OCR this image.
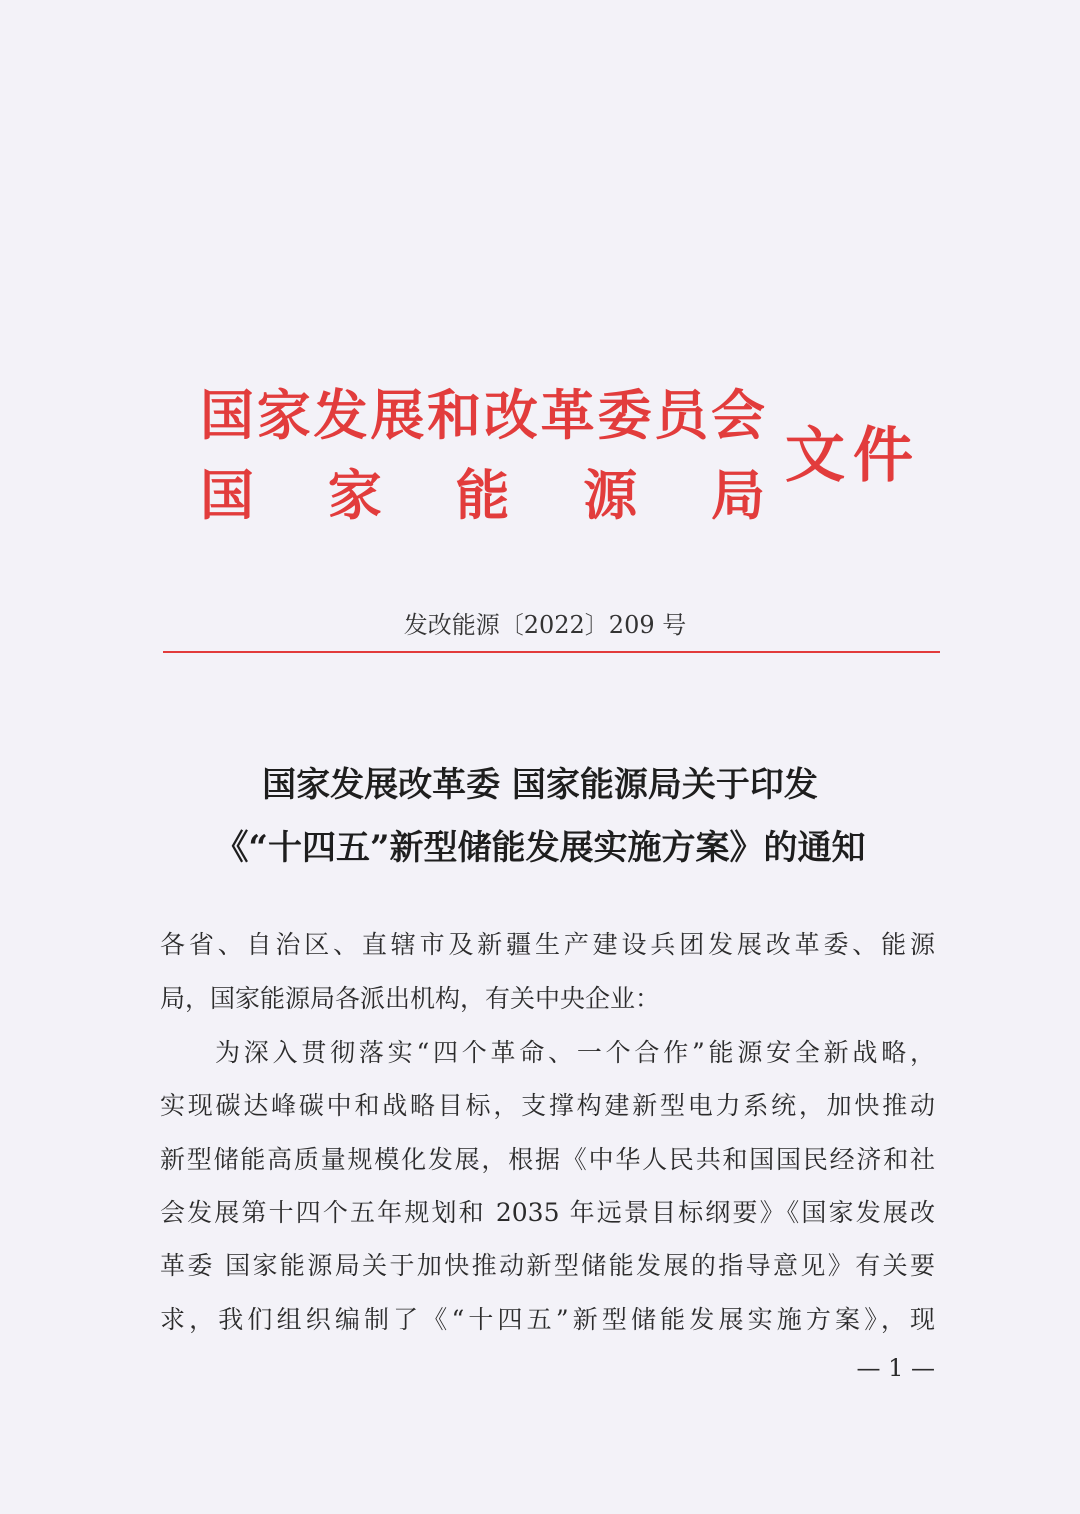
国家发展和改革委员会
国 家 能 源 局
文件
发改能源〔2022〕209 号
国家发展改革委 国家能源局关于印发
《“十四五”新型储能发展实施方案》的通知
各省、自治区、直辖市及新疆生产建设兵团发展改革委、能源
局，国家能源局各派出机构，有关中央企业：
为深入贯彻落实“四个革命、一个合作”能源安全新战略，
实现碳达峰碳中和战略目标，支撑构建新型电力系统，加快推动
新型储能高质量规模化发展，根据《中华人民共和国国民经济和社
会发展第十四个五年规划和 2035 年远景目标纲要》《国家发展改
革委 国家能源局关于加快推动新型储能发展的指导意见》有关要
求，我们组织编制了《“十四五”新型储能发展实施方案》，现
— 1 —
